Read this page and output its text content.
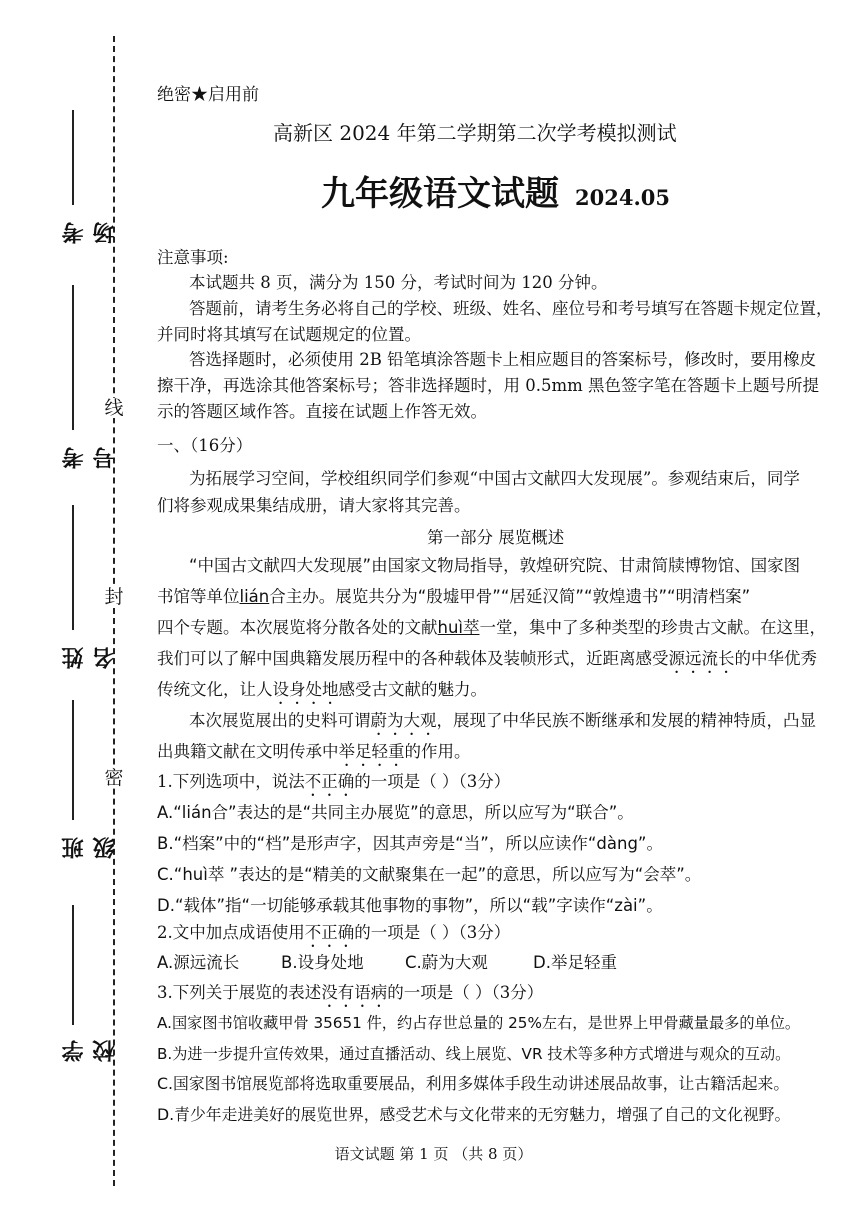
线
封
密
考场
考号
姓名
班级
学校
绝密★启用前
高新区 2024 年第二学期第二次学考模拟测试
九年级语文试题 2024.05
注意事项:
本试题共 8 页，满分为 150 分，考试时间为 120 分钟。
答题前，请考生务必将自己的学校、班级、姓名、座位号和考号填写在答题卡规定位置，
并同时将其填写在试题规定的位置。
答选择题时，必须使用 2B 铅笔填涂答题卡上相应题目的答案标号，修改时，要用橡皮
擦干净，再选涂其他答案标号；答非选择题时，用 0.5mm 黑色签字笔在答题卡上题号所提
示的答题区域作答。直接在试题上作答无效。
一、（16分）
为拓展学习空间，学校组织同学们参观“中国古文献四大发现展”。参观结束后，同学
们将参观成果集结成册，请大家将其完善。
第一部分 展览概述
“中国古文献四大发现展”由国家文物局指导，敦煌研究院、甘肃简牍博物馆、国家图
书馆等单位lián合主办。展览共分为“殷墟甲骨”“居延汉简”“敦煌遗书”“明清档案”
四个专题。本次展览将分散各处的文献huì萃一堂，集中了多种类型的珍贵古文献。在这里，
我们可以了解中国典籍发展历程中的各种载体及装帧形式，近距离感受源远流长的中华优秀
传统文化，让人设身处地感受古文献的魅力。
本次展览展出的史料可谓蔚为大观，展现了中华民族不断继承和发展的精神特质，凸显
出典籍文献在文明传承中举足轻重的作用。
1.下列选项中，说法不正确的一项是（ ）（3分）
A.“lián合”表达的是“共同主办展览”的意思，所以应写为“联合”。
B.“档案”中的“档”是形声字，因其声旁是“当”，所以应读作“dàng”。
C.“huì萃 ”表达的是“精美的文献聚集在一起”的意思，所以应写为“会萃”。
D.“载体”指“一切能够承载其他事物的事物”，所以“载”字读作“zài”。
2.文中加点成语使用不正确的一项是（ ）（3分）
A.源远流长	B.设身处地	C.蔚为大观	D.举足轻重
3.下列关于展览的表述没有语病的一项是（ ）（3分）
A.国家图书馆收藏甲骨 35651 件，约占存世总量的 25%左右，是世界上甲骨藏量最多的单位。
B.为进一步提升宣传效果，通过直播活动、线上展览、VR 技术等多种方式增进与观众的互动。
C.国家图书馆展览部将选取重要展品，利用多媒体手段生动讲述展品故事，让古籍活起来。
D.青少年走进美好的展览世界，感受艺术与文化带来的无穷魅力，增强了自己的文化视野。
语文试题 第 1 页 （共 8 页）
